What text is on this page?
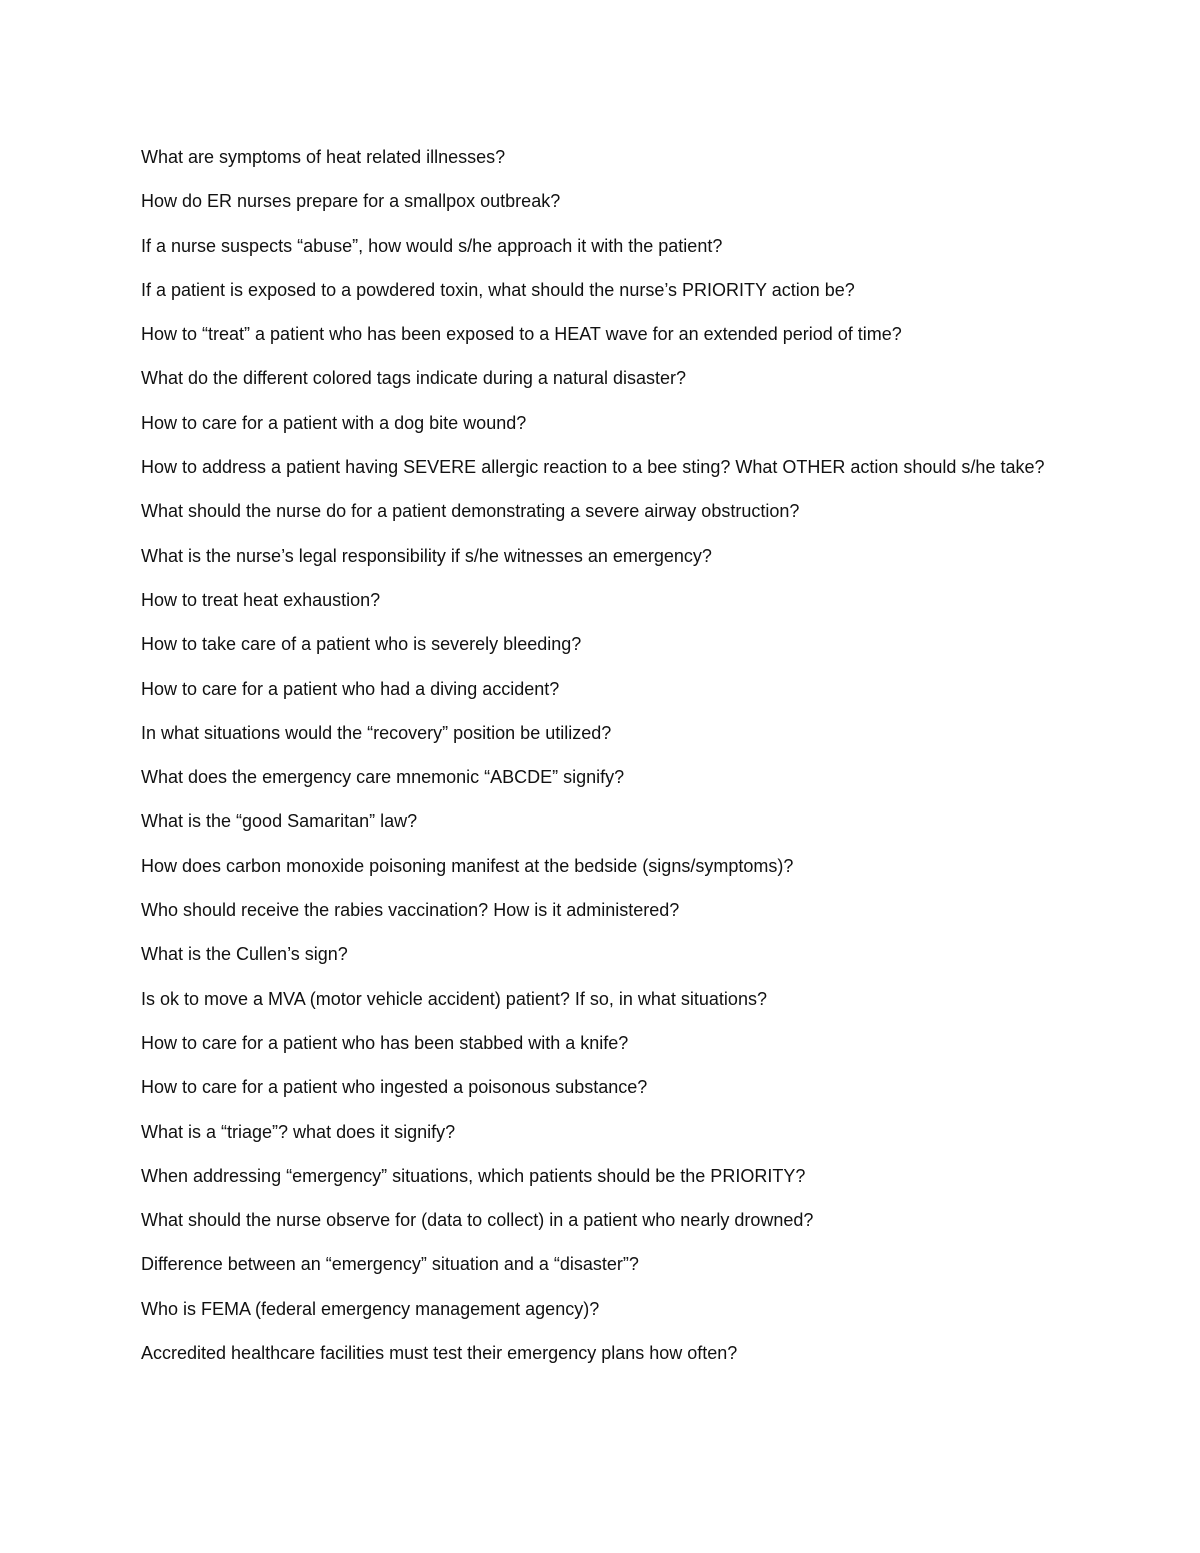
What are symptoms of heat related illnesses?
How do ER nurses prepare for a smallpox outbreak?
If a nurse suspects “abuse”, how would s/he approach it with the patient?
If a patient is exposed to a powdered toxin, what should the nurse’s PRIORITY action be?
How to “treat” a patient who has been exposed to a HEAT wave for an extended period of time?
What do the different colored tags indicate during a natural disaster?
How to care for a patient with a dog bite wound?
How to address a patient having SEVERE allergic reaction to a bee sting? What OTHER action should s/he take?
What should the nurse do for a patient demonstrating a severe airway obstruction?
What is the nurse’s legal responsibility if s/he witnesses an emergency?
How to treat heat exhaustion?
How to take care of a patient who is severely bleeding?
How to care for a patient who had a diving accident?
In what situations would the “recovery” position be utilized?
What does the emergency care mnemonic “ABCDE” signify?
What is the “good Samaritan” law?
How does carbon monoxide poisoning manifest at the bedside (signs/symptoms)?
Who should receive the rabies vaccination? How is it administered?
What is the Cullen’s sign?
Is ok to move a MVA (motor vehicle accident) patient? If so, in what situations?
How to care for a patient who has been stabbed with a knife?
How to care for a patient who ingested a poisonous substance?
What is a “triage”? what does it signify?
When addressing “emergency” situations, which patients should be the PRIORITY?
What should the nurse observe for (data to collect) in a patient who nearly drowned?
Difference between an “emergency” situation and a “disaster”?
Who is FEMA (federal emergency management agency)?
Accredited healthcare facilities must test their emergency plans how often?
